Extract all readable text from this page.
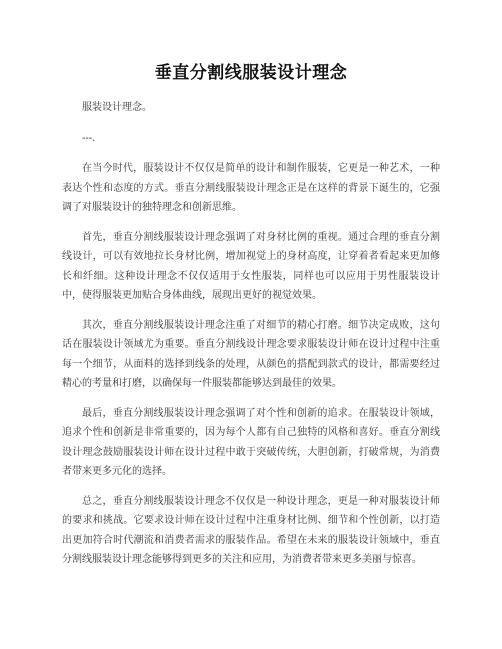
垂直分割线服装设计理念

服装设计理念。

---.

在当今时代，服装设计不仅仅是简单的设计和制作服装，它更是一种艺术，一种表达个性和态度的方式。垂直分割线服装设计理念正是在这样的背景下诞生的，它强调了对服装设计的独特理念和创新思维。

首先，垂直分割线服装设计理念强调了对身材比例的重视。通过合理的垂直分割线设计，可以有效地拉长身材比例，增加视觉上的身材高度，让穿着者看起来更加修长和纤细。这种设计理念不仅仅适用于女性服装，同样也可以应用于男性服装设计中，使得服装更加贴合身体曲线，展现出更好的视觉效果。

其次，垂直分割线服装设计理念注重了对细节的精心打磨。细节决定成败，这句话在服装设计领域尤为重要。垂直分割线设计理念要求服装设计师在设计过程中注重每一个细节，从面料的选择到线条的处理，从颜色的搭配到款式的设计，都需要经过精心的考量和打磨，以确保每一件服装都能够达到最佳的效果。

最后，垂直分割线服装设计理念强调了对个性和创新的追求。在服装设计领域，追求个性和创新是非常重要的，因为每个人都有自己独特的风格和喜好。垂直分割线设计理念鼓励服装设计师在设计过程中敢于突破传统，大胆创新，打破常规，为消费者带来更多元化的选择。

总之，垂直分割线服装设计理念不仅仅是一种设计理念，更是一种对服装设计师的要求和挑战。它要求设计师在设计过程中注重身材比例、细节和个性创新，以打造出更加符合时代潮流和消费者需求的服装作品。希望在未来的服装设计领域中，垂直分割线服装设计理念能够得到更多的关注和应用，为消费者带来更多美丽与惊喜。
